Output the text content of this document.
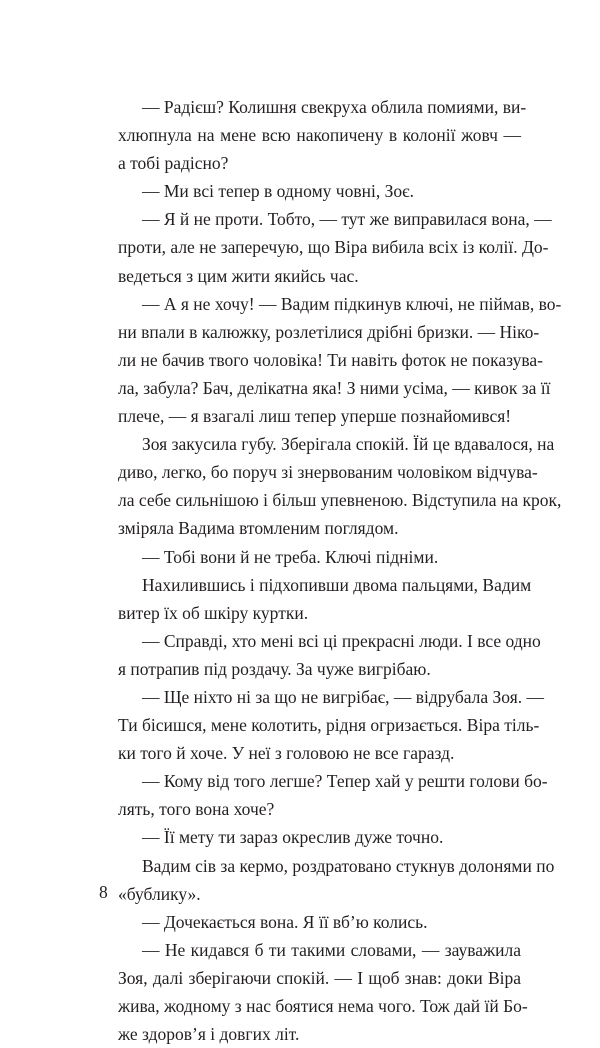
— Радієш? Колишня свекруха облила помиями, ви-
хлюпнула на мене всю накопичену в колонії жовч —
а тобі радісно?
— Ми всі тепер в одному човні, Зоє.
— Я й не проти. Тобто, — тут же виправилася вона, —
проти, але не заперечую, що Віра вибила всіх із колії. До-
ведеться з цим жити якийсь час.
— А я не хочу! — Вадим підкинув ключі, не піймав, во-
ни впали в калюжку, розлетілися дрібні бризки. — Ніко-
ли не бачив твого чоловіка! Ти навіть фоток не показува-
ла, забула? Бач, делікатна яка! З ними усіма, — кивок за її
плече, — я взагалі лиш тепер уперше познайомився!
Зоя закусила губу. Зберігала спокій. Їй це вдавалося, на
диво, легко, бо поруч зі знервованим чоловіком відчува-
ла себе сильнішою і більш упевненою. Відступила на крок,
зміряла Вадима втомленим поглядом.
— Тобі вони й не треба. Ключі підніми.
Нахилившись і підхопивши двома пальцями, Вадим
витер їх об шкіру куртки.
— Справді, хто мені всі ці прекрасні люди. І все одно
я потрапив під роздачу. За чуже вигрібаю.
— Ще ніхто ні за що не вигрібає, — відрубала Зоя. —
Ти бісишся, мене колотить, рідня огризається. Віра тіль-
ки того й хоче. У неї з головою не все гаразд.
— Кому від того легше? Тепер хай у решти голови бо-
лять, того вона хоче?
— Її мету ти зараз окреслив дуже точно.
Вадим сів за кермо, роздратовано стукнув долонями по
«бублику».
— Дочекається вона. Я її вб’ю колись.
— Не кидався б ти такими словами, — зауважила
Зоя, далі зберігаючи спокій. — І щоб знав: доки Віра
жива, жодному з нас боятися нема чого. Тож дай їй Бо-
же здоров’я і довгих літ.
8
